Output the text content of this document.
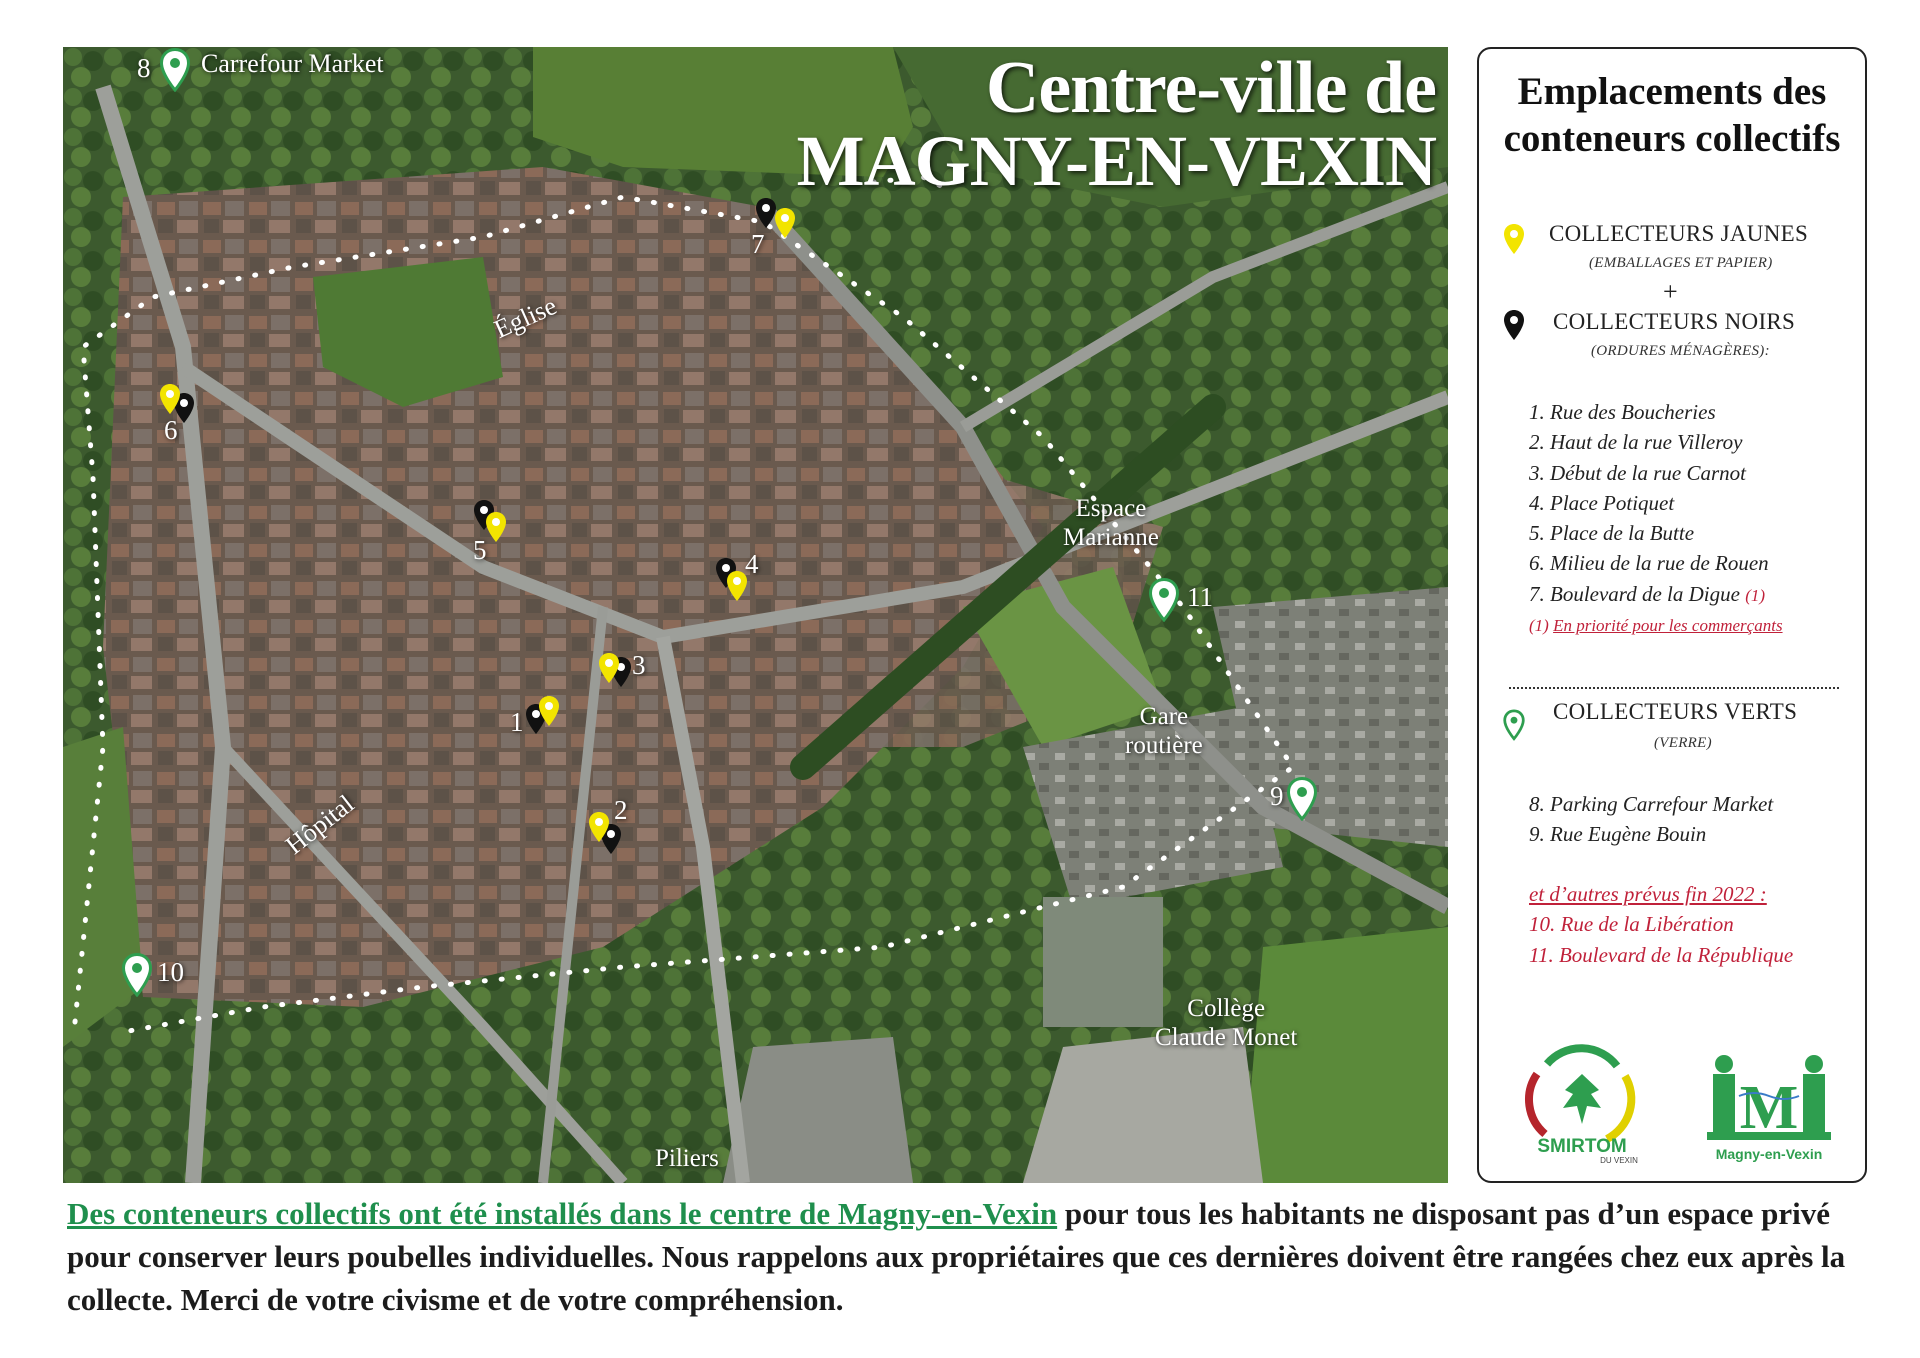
Centre-ville de
MAGNY-EN-VEXIN
Carrefour Market
Église
Hôpital
Espace
Marianne
Gare
routière
Collège
Claude Monet
Piliers
1
2
3
4
5
6
7
8
9
10
11
Emplacements des
conteneurs collectifs
COLLECTEURS JAUNES
(EMBALLAGES ET PAPIER)
+
COLLECTEURS NOIRS
(ORDURES MÉNAGÈRES):
1. Rue des Boucheries
2. Haut de la rue Villeroy
3. Début de la rue Carnot
4. Place Potiquet
5. Place de la Butte
6. Milieu de la rue de Rouen
7. Boulevard de la Digue (1)
(1) En priorité pour les commerçants
COLLECTEURS VERTS
(VERRE)
8. Parking Carrefour Market
9. Rue Eugène Bouin
et d’autres prévus fin 2022 :
10. Rue de la Libération
11. Boulevard de la République
SMIRTOM
DU VEXIN
M
Magny-en-Vexin
Des conteneurs collectifs ont été installés dans le centre de Magny-en-Vexin pour tous les habitants ne disposant pas d’un espace privé pour conserver leurs poubelles individuelles. Nous rappelons aux propriétaires que ces dernières doivent être rangées chez eux après la collecte. Merci de votre civisme et de votre compréhension.
